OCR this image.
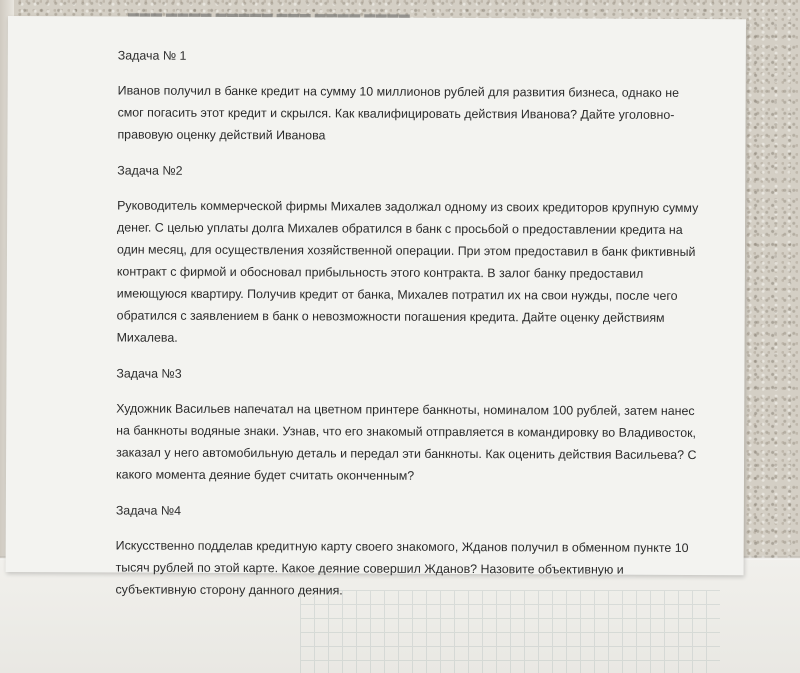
▬▬▬ ▬▬▬▬ ▬▬▬▬▬ ▬▬▬ ▬▬▬▬ ▬▬▬▬

Задача № 1

Иванов получил в банке кредит на сумму 10 миллионов рублей для развития бизнеса, однако не смог погасить этот кредит и скрылся. Как квалифицировать действия Иванова? Дайте уголовно-правовую оценку действий Иванова

Задача №2

Руководитель коммерческой фирмы Михалев задолжал одному из своих кредиторов крупную сумму денег. С целью уплаты долга Михалев обратился в банк с просьбой о предоставлении кредита на один месяц, для осуществления хозяйственной операции. При этом предоставил в банк фиктивный контракт с фирмой и обосновал прибыльность этого контракта. В залог банку предоставил имеющуюся квартиру. Получив кредит от банка, Михалев потратил их на свои нужды, после чего обратился с заявлением в банк о невозможности погашения кредита. Дайте оценку действиям Михалева.

Задача №3

Художник Васильев напечатал на цветном принтере банкноты, номиналом 100 рублей, затем нанес на банкноты водяные знаки. Узнав, что его знакомый отправляется в командировку во Владивосток, заказал у него автомобильную деталь и передал эти банкноты. Как оценить действия Васильева? С какого момента деяние будет считать оконченным?

Задача №4

Искусственно подделав кредитную карту своего знакомого, Жданов получил в обменном пункте 10 тысяч рублей по этой карте. Какое деяние совершил Жданов? Назовите объективную и субъективную сторону данного деяния.
